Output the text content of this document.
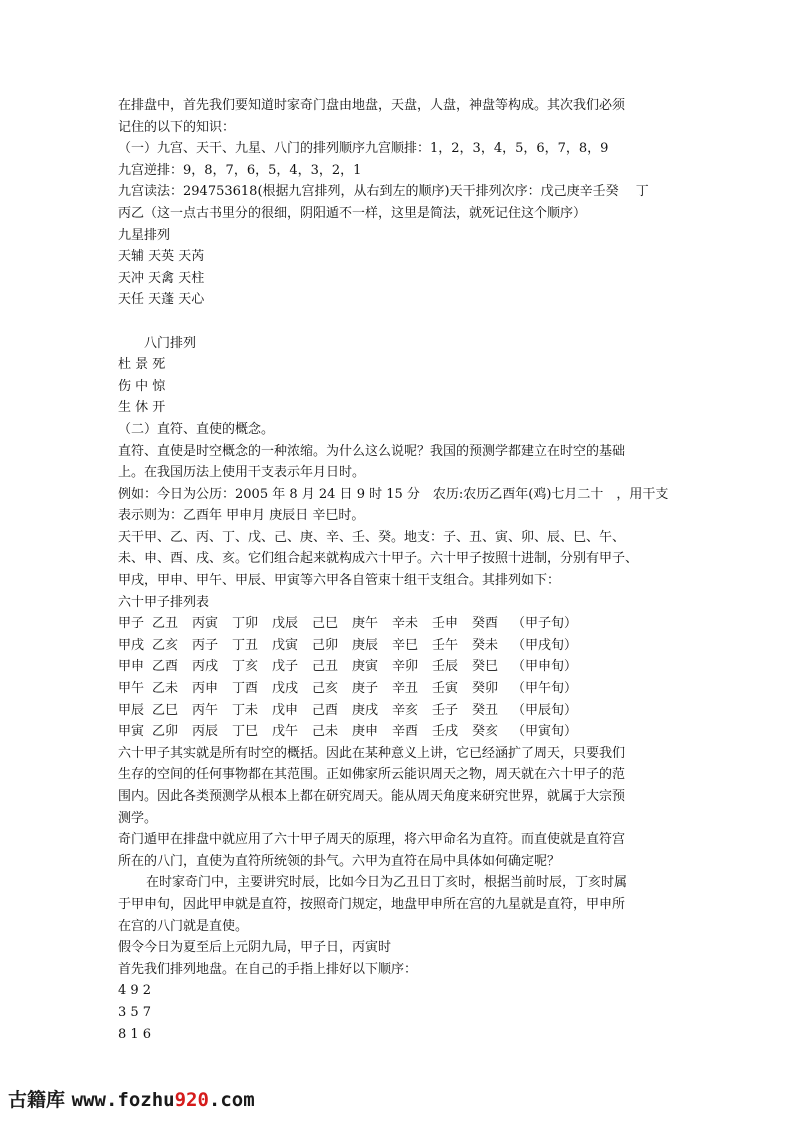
在排盘中，首先我们要知道时家奇门盘由地盘，天盘，人盘，神盘等构成。其次我们必须

记住的以下的知识：

（一）九宫、天干、九星、八门的排列顺序九宫顺排：1，2，3，4，5，6，7，8，9

九宫逆排：9，8，7，6，5，4，3，2，1

九宫读法：294753618(根据九宫排列，从右到左的顺序)天干排列次序：戊己庚辛壬癸　 丁

丙乙（这一点古书里分的很细，阴阳遁不一样，这里是简法，就死记住这个顺序）

九星排列

天辅 天英 天芮

天冲 天禽 天柱

天任 天蓬 天心

八门排列

杜 景 死

伤 中 惊

生 休 开

（二）直符、直使的概念。

直符、直使是时空概念的一种浓缩。为什么这么说呢？我国的预测学都建立在时空的基础

上。在我国历法上使用干支表示年月日时。

例如：今日为公历：2005 年 8 月 24 日 9 时 15 分　农历:农历乙酉年(鸡)七月二十　，用干支

表示则为：乙酉年 甲申月 庚辰日 辛巳时。

天干甲、乙、丙、丁、戊、己、庚、辛、壬、癸。地支：子、丑、寅、卯、辰、巳、午、

未、申、酉、戌、亥。它们组合起来就构成六十甲子。六十甲子按照十进制，分别有甲子、

甲戌，甲申、甲午、甲辰、甲寅等六甲各自管束十组干支组合。其排列如下：

六十甲子排列表

甲子 乙丑	丙寅	丁卯	戊辰	己巳	庚午	辛未	壬申	癸酉	（甲子旬）
甲戌 乙亥	丙子	丁丑	戊寅	己卯	庚辰	辛巳	壬午	癸未	（甲戌旬）
甲申 乙酉	丙戌	丁亥	戊子	己丑	庚寅	辛卯	壬辰	癸巳	（甲申旬）
甲午 乙未	丙申	丁酉	戊戌	己亥	庚子	辛丑	壬寅	癸卯	（甲午旬）
甲辰 乙巳	丙午	丁未	戊申	己酉	庚戌	辛亥	壬子	癸丑	（甲辰旬）
甲寅 乙卯	丙辰	丁巳	戊午	己未	庚申	辛酉	壬戌	癸亥	（甲寅旬）

六十甲子其实就是所有时空的概括。因此在某种意义上讲，它已经涵扩了周天，只要我们

生存的空间的任何事物都在其范围。正如佛家所云能识周天之物，周天就在六十甲子的范

围内。因此各类预测学从根本上都在研究周天。能从周天角度来研究世界，就属于大宗预

测学。

奇门遁甲在排盘中就应用了六十甲子周天的原理，将六甲命名为直符。而直使就是直符宫

所在的八门，直使为直符所统领的卦气。六甲为直符在局中具体如何确定呢？

在时家奇门中，主要讲究时辰，比如今日为乙丑日丁亥时，根据当前时辰，丁亥时属

于甲申旬，因此甲申就是直符，按照奇门规定，地盘甲申所在宫的九星就是直符，甲申所

在宫的八门就是直使。

假令今日为夏至后上元阴九局，甲子日，丙寅时

首先我们排列地盘。在自己的手指上排好以下顺序：

4 9 2

3 5 7

8 1 6

古籍库 www.fozhu920.com
